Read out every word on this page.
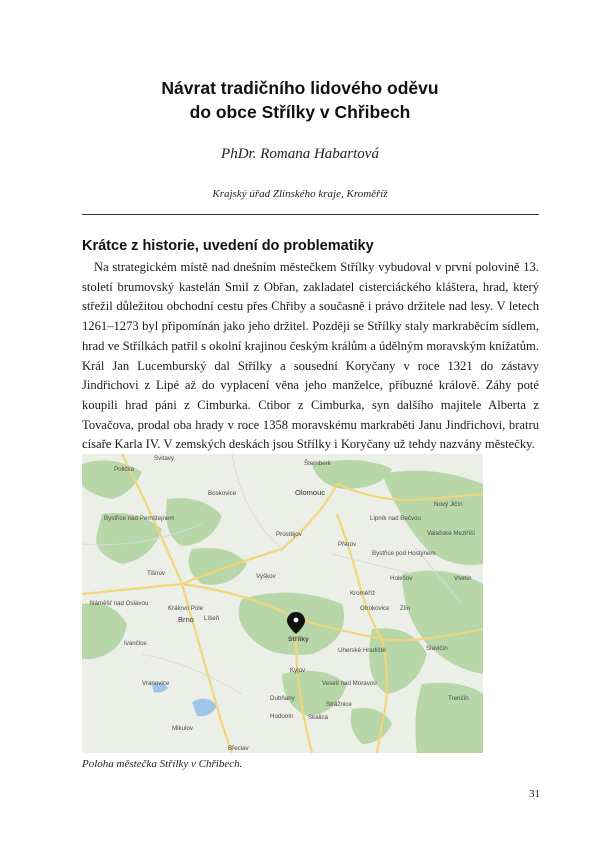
Návrat tradičního lidového oděvu
do obce Střílky v Chřibech
PhDr. Romana Habartová
Krajský úřad Zlínského kraje, Kroměříž
Krátce z historie, uvedení do problematiky

Na strategickém místě nad dnešním městečkem Střílky vybudoval v první polovině 13. století brumovský kastelán Smil z Obřan, zakladatel cisterciáckého kláštera, hrad, který střežil důležitou obchodní cestu přes Chřiby a současně i právo držitele nad lesy. V letech 1261–1273 byl připomínán jako jeho držitel. Později se Střílky staly markraběcím sídlem, hrad ve Střílkách patřil s okolní krajinou českým králům a údělným moravským knížatům. Král Jan Lucemburský dal Střílky a sousední Koryčany v roce 1321 do zástavy Jindřichovi z Lipé až do vyplacení věna jeho manželce, příbuzné královĕ. Záhy poté koupili hrad páni z Cimburka. Ctibor z Cimburka, syn dalšího majitele Alberta z Tovačova, prodal oba hrady v roce 1358 moravskému markraběti Janu Jindřichovi, bratru císaře Karla IV. V zemských deskách jsou Střílky i Koryčany už tehdy nazvány městečky.

Svitavy
Šternberk
Polička
Boskovice	Olomouc
Nový Jičín
Bystřice nad Pernštejnem	Lipník nad Bečvou
Valašské Meziříčí
Prostějov
Přerov
Bystřice pod Hostýnem
Tišnov	Vyškov	Holešov	Vsetín
Náměšť nad Oslavou
Královo Pole
Líšeň
Brno
Kroměříž
Otrokovice Zlín
Ivančice
Uherské Hradiště	Slavičín
Kyjov
Vranovice	Veselí nad Moravou
Dubňany
Hodonín
Strážnice
Trenčín
Skalica
Mikulov
Břeclav
Střílky
Poloha městečka Střílky v Chřibech.
31
